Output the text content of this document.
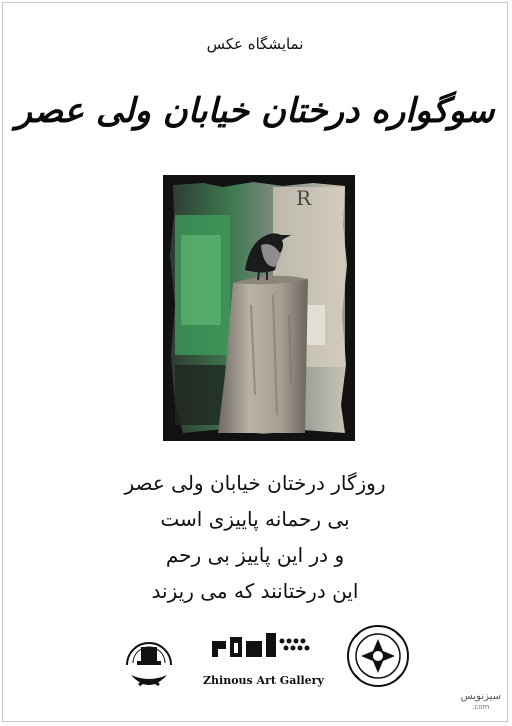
نمایشگاه عکس
سوگواره درختان خیابان ولی عصر
R
روزگار درختان خیابان ولی عصر
بی رحمانه پاییزی است
و در این پاییز بی رحم
این درختانند که می ریزند
Zhinous Art Gallery
سیزنویس
.com
